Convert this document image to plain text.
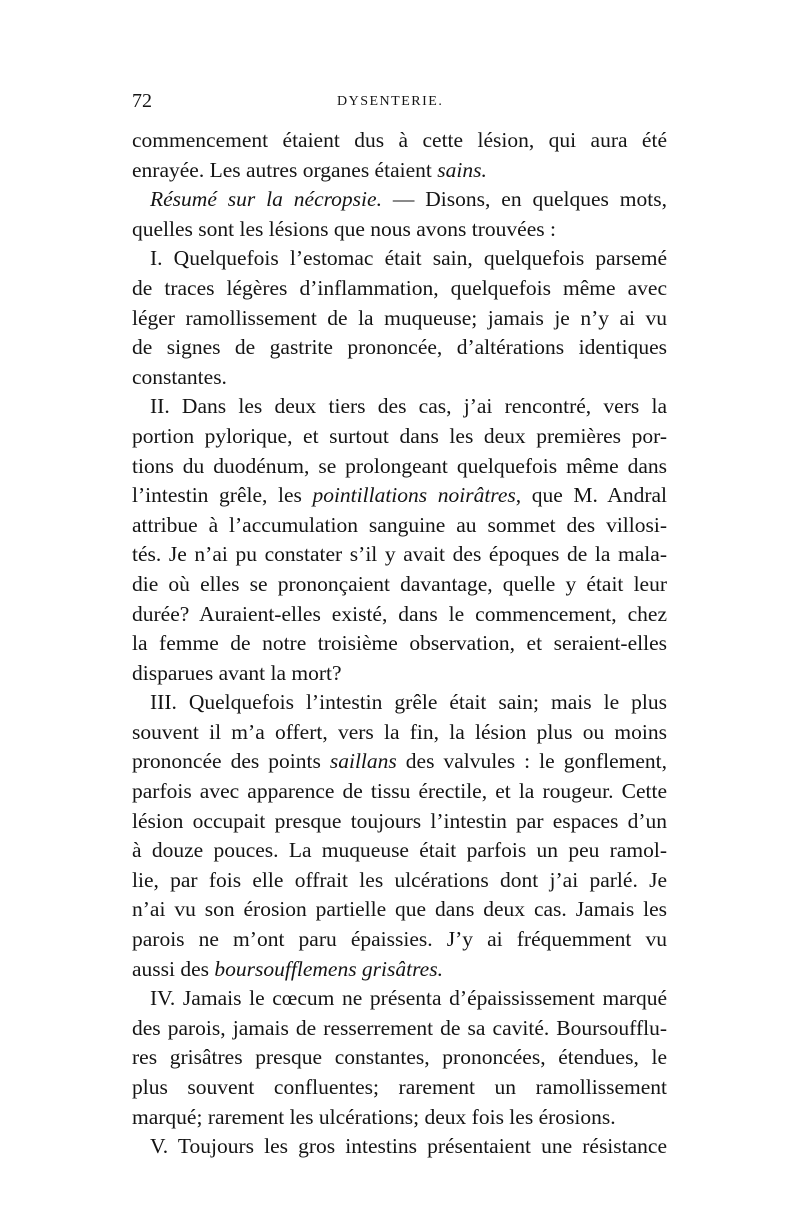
72	DYSENTERIE.
commencement étaient dus à cette lésion, qui aura été
enrayée. Les autres organes étaient sains.
Résumé sur la nécropsie. — Disons, en quelques mots,
quelles sont les lésions que nous avons trouvées :
I. Quelquefois l’estomac était sain, quelquefois parsemé
de traces légères d’inflammation, quelquefois même avec
léger ramollissement de la muqueuse; jamais je n’y ai vu
de signes de gastrite prononcée, d’altérations identiques
constantes.
II. Dans les deux tiers des cas, j’ai rencontré, vers la
portion pylorique, et surtout dans les deux premières por-
tions du duodénum, se prolongeant quelquefois même dans
l’intestin grêle, les pointillations noirâtres, que M. Andral
attribue à l’accumulation sanguine au sommet des villosi-
tés. Je n’ai pu constater s’il y avait des époques de la mala-
die où elles se prononçaient davantage, quelle y était leur
durée? Auraient-elles existé, dans le commencement, chez
la femme de notre troisième observation, et seraient-elles
disparues avant la mort?
III. Quelquefois l’intestin grêle était sain; mais le plus
souvent il m’a offert, vers la fin, la lésion plus ou moins
prononcée des points saillans des valvules : le gonflement,
parfois avec apparence de tissu érectile, et la rougeur. Cette
lésion occupait presque toujours l’intestin par espaces d’un
à douze pouces. La muqueuse était parfois un peu ramol-
lie, par fois elle offrait les ulcérations dont j’ai parlé. Je
n’ai vu son érosion partielle que dans deux cas. Jamais les
parois ne m’ont paru épaissies. J’y ai fréquemment vu
aussi des boursoufflemens grisâtres.
IV. Jamais le cœcum ne présenta d’épaississement marqué
des parois, jamais de resserrement de sa cavité. Boursoufflu-
res grisâtres presque constantes, prononcées, étendues, le
plus souvent confluentes; rarement un ramollissement
marqué; rarement les ulcérations; deux fois les érosions.
V. Toujours les gros intestins présentaient une résistance
